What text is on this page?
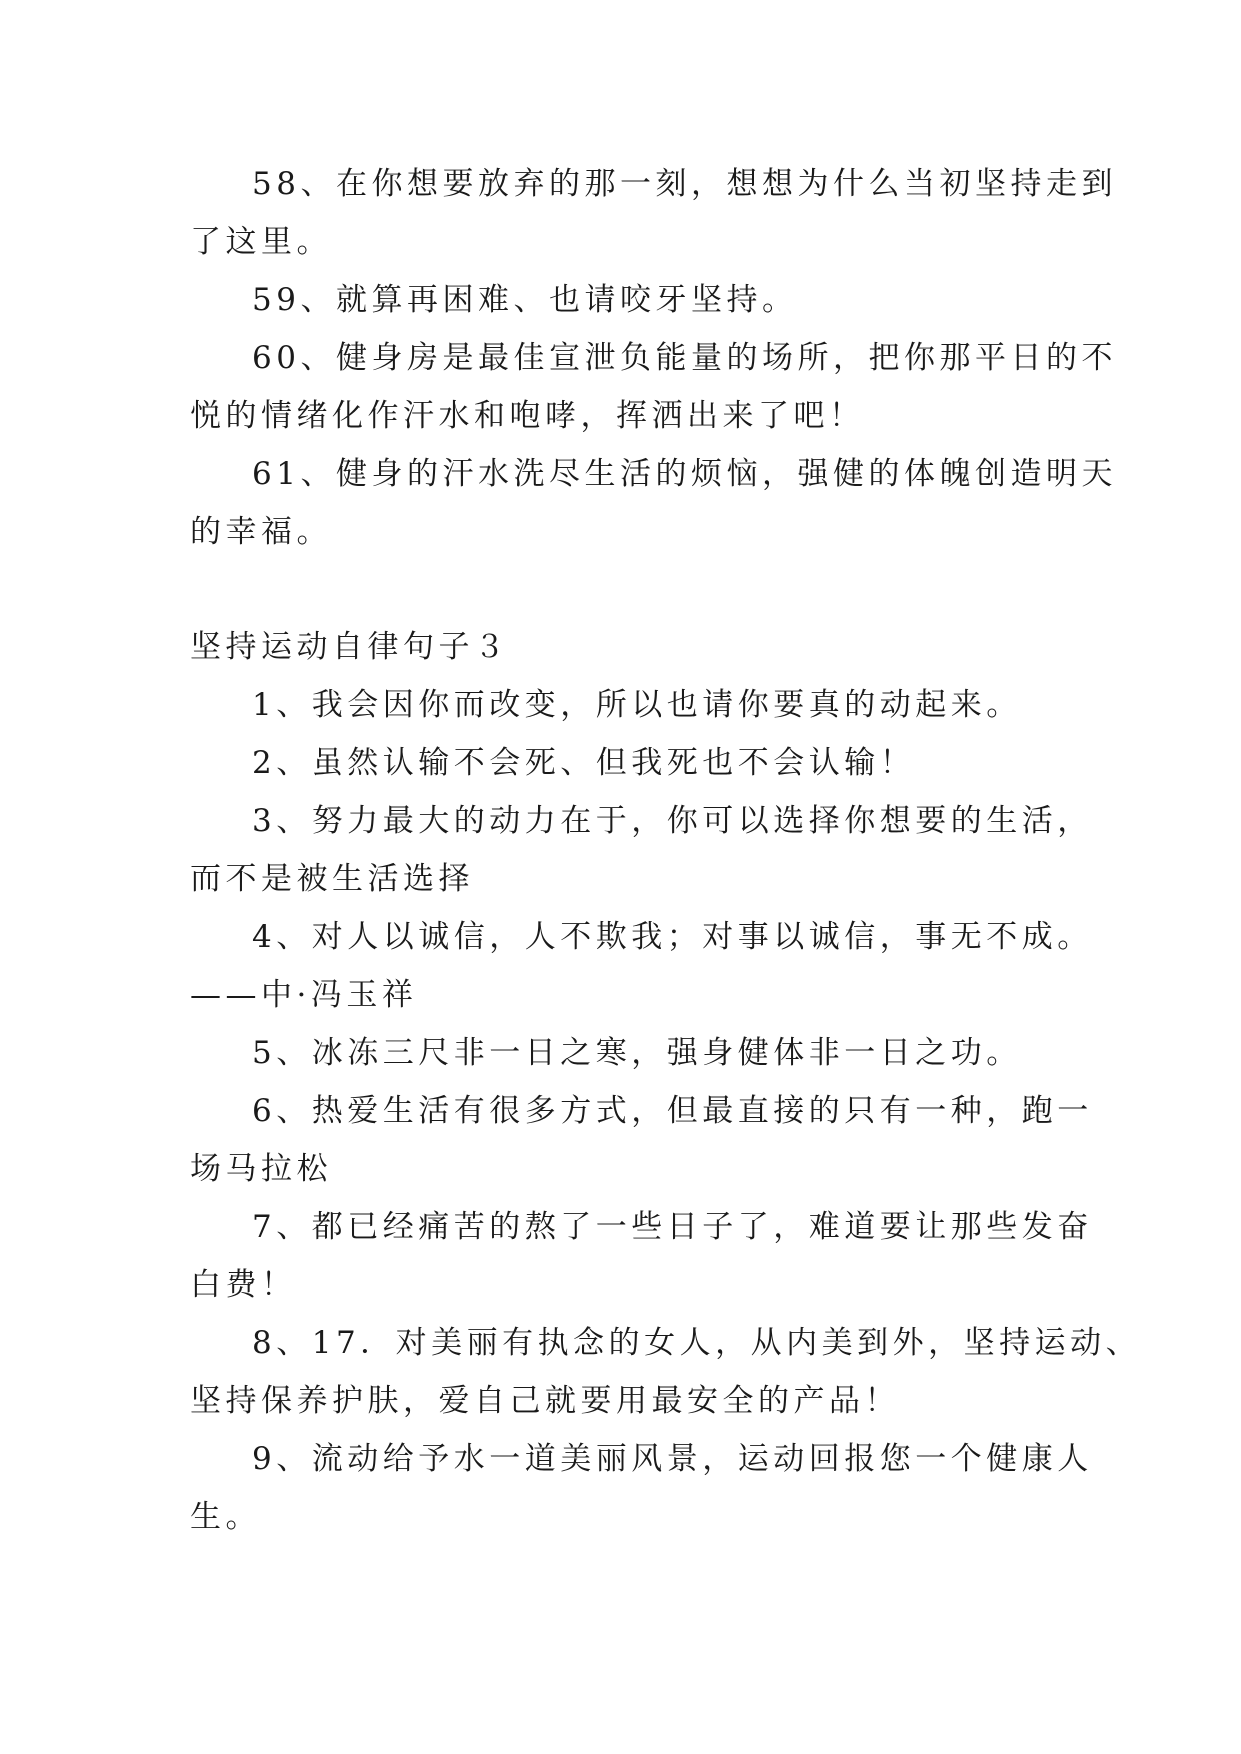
58、在你想要放弃的那一刻，想想为什么当初坚持走到
了这里。
59、就算再困难、也请咬牙坚持。
60、健身房是最佳宣泄负能量的场所，把你那平日的不
悦的情绪化作汗水和咆哮，挥洒出来了吧！
61、健身的汗水洗尽生活的烦恼，强健的体魄创造明天
的幸福。
坚持运动自律句子３
1、我会因你而改变，所以也请你要真的动起来。
2、虽然认输不会死、但我死也不会认输！
3、努力最大的动力在于，你可以选择你想要的生活，
而不是被生活选择
4、对人以诚信，人不欺我；对事以诚信，事无不成。
——中·冯玉祥
5、冰冻三尺非一日之寒，强身健体非一日之功。
6、热爱生活有很多方式，但最直接的只有一种，跑一
场马拉松
7、都已经痛苦的熬了一些日子了，难道要让那些发奋
白费！
8、17．对美丽有执念的女人，从内美到外，坚持运动、
坚持保养护肤，爱自己就要用最安全的产品！
9、流动给予水一道美丽风景，运动回报您一个健康人
生。
